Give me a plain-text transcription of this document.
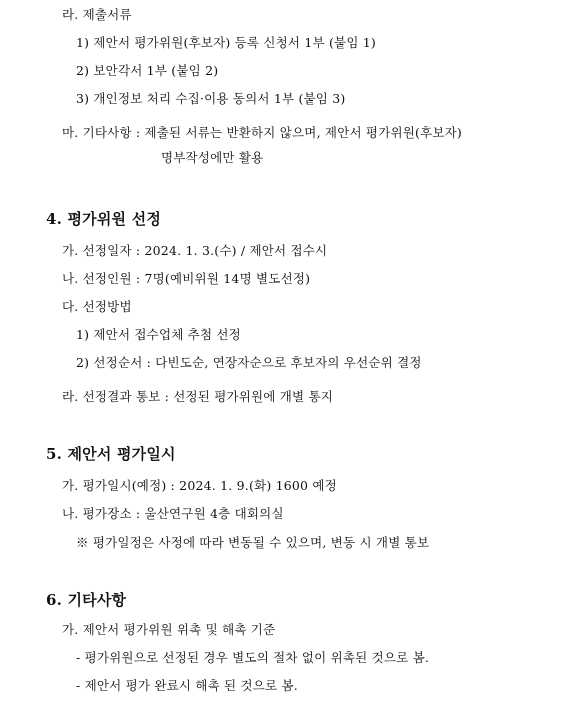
라. 제출서류
1) 제안서 평가위원(후보자) 등록 신청서 1부 (붙임 1)
2) 보안각서 1부 (붙임 2)
3) 개인정보 처리 수집·이용 동의서 1부 (붙임 3)
마. 기타사항 : 제출된 서류는 반환하지 않으며, 제안서 평가위원(후보자)
명부작성에만 활용
4. 평가위원 선정
가. 선정일자 : 2024. 1. 3.(수) / 제안서 접수시
나. 선정인원 : 7명(예비위원 14명 별도선정)
다. 선정방법
1) 제안서 접수업체 추첨 선정
2) 선정순서 : 다빈도순, 연장자순으로 후보자의 우선순위 결정
라. 선정결과 통보 : 선정된 평가위원에 개별 통지
5. 제안서 평가일시
가. 평가일시(예정) : 2024. 1. 9.(화) 1600 예정
나. 평가장소 : 울산연구원 4층 대회의실
※ 평가일정은 사정에 따라 변동될 수 있으며, 변동 시 개별 통보
6. 기타사항
가. 제안서 평가위원 위촉 및 해촉 기준
- 평가위원으로 선정된 경우 별도의 절차 없이 위촉된 것으로 봄.
- 제안서 평가 완료시 해촉 된 것으로 봄.
